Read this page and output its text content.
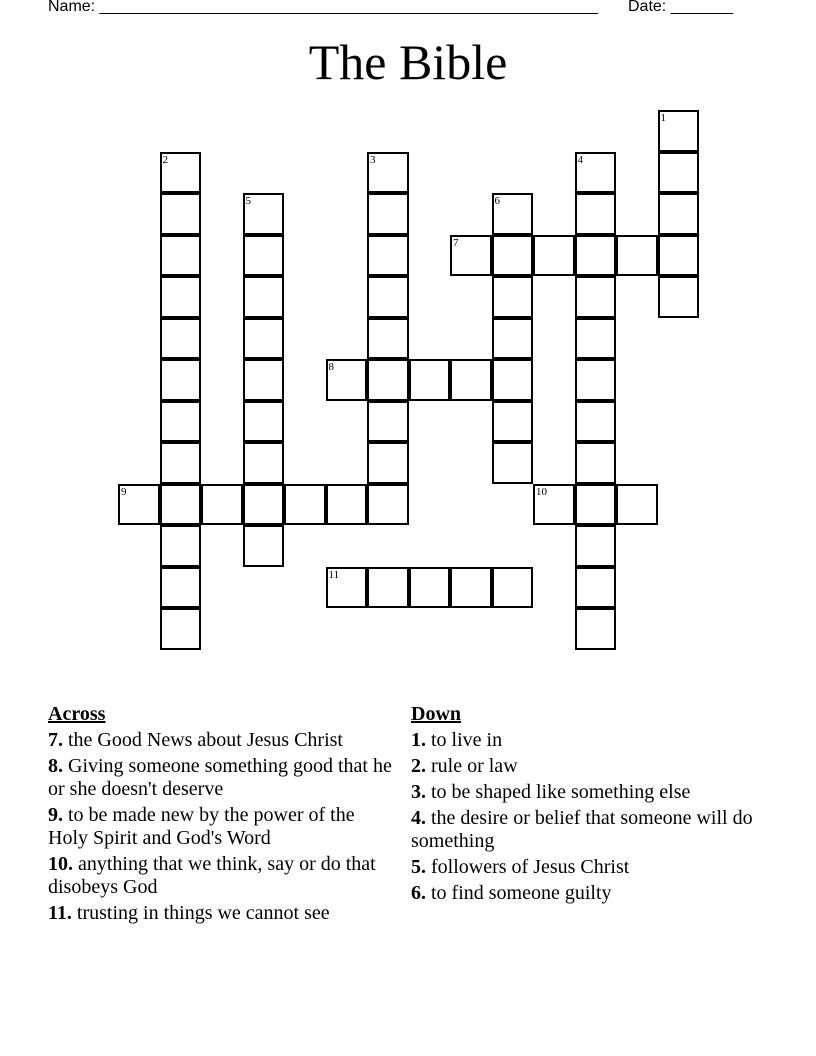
Name: ________________________________________________________ Date: _______
The Bible
1
2	3	4
5	6
7
8
9	10
11
Across
7. the Good News about Jesus Christ
8. Giving someone something good that he or she doesn't deserve
9. to be made new by the power of the Holy Spirit and God's Word
10. anything that we think, say or do that disobeys God
11. trusting in things we cannot see
Down
1. to live in
2. rule or law
3. to be shaped like something else
4. the desire or belief that someone will do something
5. followers of Jesus Christ
6. to find someone guilty
